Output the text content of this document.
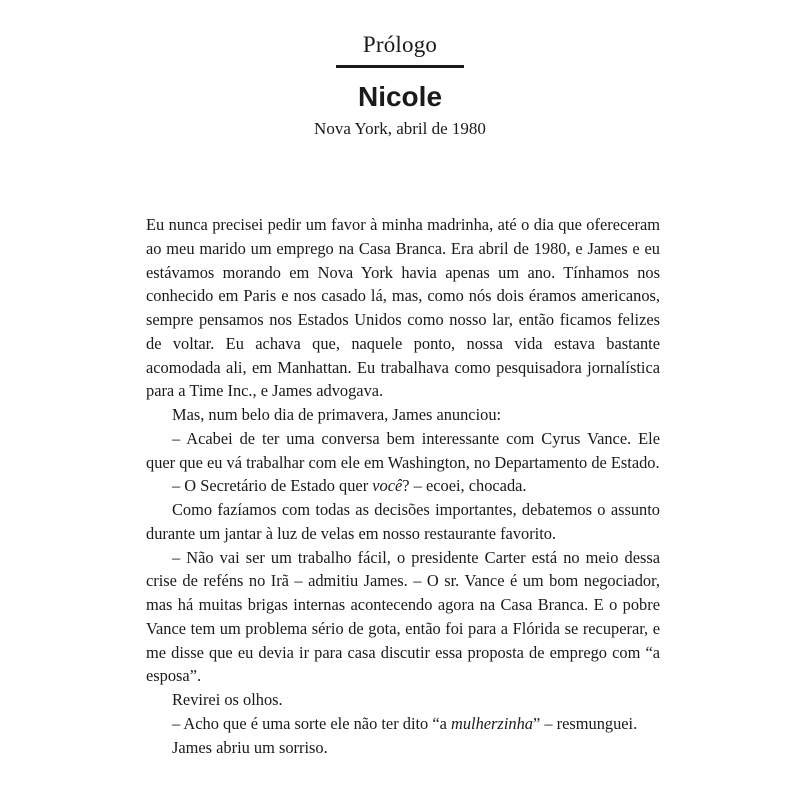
Prólogo
Nicole
Nova York, abril de 1980

Eu nunca precisei pedir um favor à minha madrinha, até o dia que ofereceram ao meu marido um emprego na Casa Branca. Era abril de 1980, e James e eu estávamos morando em Nova York havia apenas um ano. Tínhamos nos conhecido em Paris e nos casado lá, mas, como nós dois éramos americanos, sempre pensamos nos Estados Unidos como nosso lar, então ficamos felizes de voltar. Eu achava que, naquele ponto, nossa vida estava bastante acomodada ali, em Manhattan. Eu trabalhava como pesquisadora jornalística para a Time Inc., e James advogava.

Mas, num belo dia de primavera, James anunciou:

– Acabei de ter uma conversa bem interessante com Cyrus Vance. Ele quer que eu vá trabalhar com ele em Washington, no Departamento de Estado.

– O Secretário de Estado quer você? – ecoei, chocada.

Como fazíamos com todas as decisões importantes, debatemos o assunto durante um jantar à luz de velas em nosso restaurante favorito.

– Não vai ser um trabalho fácil, o presidente Carter está no meio dessa crise de reféns no Irã – admitiu James. – O sr. Vance é um bom negociador, mas há muitas brigas internas acontecendo agora na Casa Branca. E o pobre Vance tem um problema sério de gota, então foi para a Flórida se recuperar, e me disse que eu devia ir para casa discutir essa proposta de emprego com “a esposa”.

Revirei os olhos.

– Acho que é uma sorte ele não ter dito “a mulherzinha” – resmunguei.

James abriu um sorriso.
